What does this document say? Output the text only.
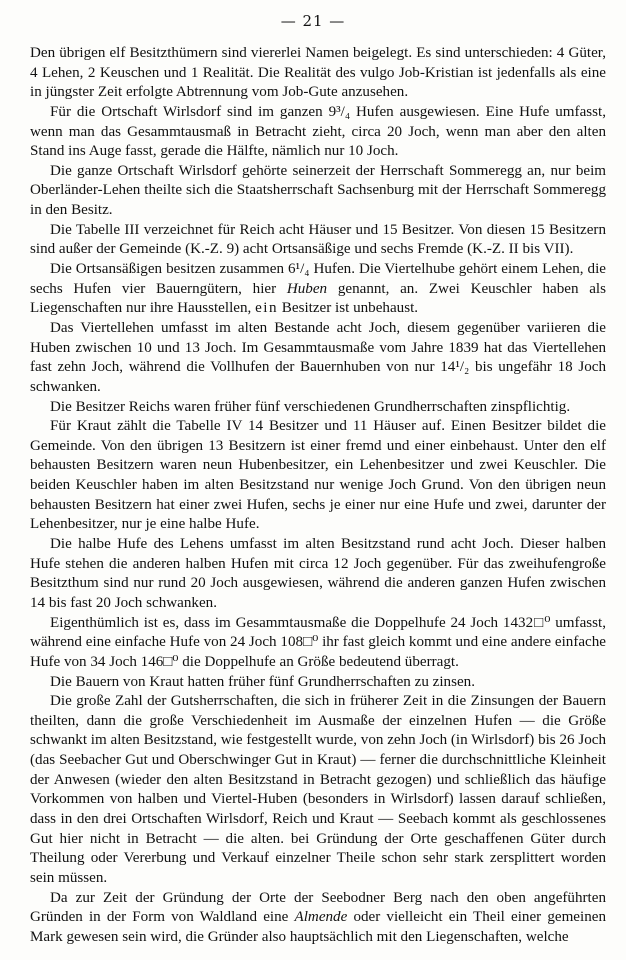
— 21 —

Den übrigen elf Besitzthümern sind viererlei Namen beigelegt. Es sind unterschieden: 4 Güter, 4 Lehen, 2 Keuschen und 1 Realität. Die Realität des vulgo Job-Kristian ist jedenfalls als eine in jüngster Zeit erfolgte Abtrennung vom Job-Gute anzusehen.

Für die Ortschaft Wirlsdorf sind im ganzen 9³/₄ Hufen ausgewiesen. Eine Hufe umfasst, wenn man das Gesammtausmaß in Betracht zieht, circa 20 Joch, wenn man aber den alten Stand ins Auge fasst, gerade die Hälfte, nämlich nur 10 Joch.

Die ganze Ortschaft Wirlsdorf gehörte seinerzeit der Herrschaft Sommeregg an, nur beim Oberländer-Lehen theilte sich die Staatsherrschaft Sachsenburg mit der Herrschaft Sommeregg in den Besitz.

Die Tabelle III verzeichnet für Reich acht Häuser und 15 Besitzer. Von diesen 15 Besitzern sind außer der Gemeinde (K.-Z. 9) acht Ortsansäßige und sechs Fremde (K.-Z. II bis VII).

Die Ortsansäßigen besitzen zusammen 6¹/₄ Hufen. Die Viertelhube gehört einem Lehen, die sechs Hufen vier Bauerngütern, hier Huben genannt, an. Zwei Keuschler haben als Liegenschaften nur ihre Hausstellen, ein Besitzer ist unbehaust.

Das Viertellehen umfasst im alten Bestande acht Joch, diesem gegenüber variieren die Huben zwischen 10 und 13 Joch. Im Gesammtausmaße vom Jahre 1839 hat das Viertellehen fast zehn Joch, während die Vollhufen der Bauernhuben von nur 14¹/₂ bis ungefähr 18 Joch schwanken.

Die Besitzer Reichs waren früher fünf verschiedenen Grundherrschaften zinspflichtig.

Für Kraut zählt die Tabelle IV 14 Besitzer und 11 Häuser auf. Einen Besitzer bildet die Gemeinde. Von den übrigen 13 Besitzern ist einer fremd und einer einbehaust. Unter den elf behausten Besitzern waren neun Hubenbesitzer, ein Lehenbesitzer und zwei Keuschler. Die beiden Keuschler haben im alten Besitzstand nur wenige Joch Grund. Von den übrigen neun behausten Besitzern hat einer zwei Hufen, sechs je einer nur eine Hufe und zwei, darunter der Lehenbesitzer, nur je eine halbe Hufe.

Die halbe Hufe des Lehens umfasst im alten Besitzstand rund acht Joch. Dieser halben Hufe stehen die anderen halben Hufen mit circa 12 Joch gegenüber. Für das zweihufengroße Besitzthum sind nur rund 20 Joch ausgewiesen, während die anderen ganzen Hufen zwischen 14 bis fast 20 Joch schwanken.

Eigenthümlich ist es, dass im Gesammtausmaße die Doppelhufe 24 Joch 1432□⁰ umfasst, während eine einfache Hufe von 24 Joch 108□⁰ ihr fast gleich kommt und eine andere einfache Hufe von 34 Joch 146□⁰ die Doppelhufe an Größe bedeutend überragt.

Die Bauern von Kraut hatten früher fünf Grundherrschaften zu zinsen.

Die große Zahl der Gutsherrschaften, die sich in früherer Zeit in die Zinsungen der Bauern theilten, dann die große Verschiedenheit im Ausmaße der einzelnen Hufen — die Größe schwankt im alten Besitzstand, wie festgestellt wurde, von zehn Joch (in Wirlsdorf) bis 26 Joch (das Seebacher Gut und Oberschwinger Gut in Kraut) — ferner die durchschnittliche Kleinheit der Anwesen (wieder den alten Besitzstand in Betracht gezogen) und schließlich das häufige Vorkommen von halben und Viertel-Huben (besonders in Wirlsdorf) lassen darauf schließen, dass in den drei Ortschaften Wirlsdorf, Reich und Kraut — Seebach kommt als geschlossenes Gut hier nicht in Betracht — die alten. bei Gründung der Orte geschaffenen Güter durch Theilung oder Vererbung und Verkauf einzelner Theile schon sehr stark zersplittert worden sein müssen.

Da zur Zeit der Gründung der Orte der Seebodner Berg nach den oben angeführten Gründen in der Form von Waldland eine Almende oder vielleicht ein Theil einer gemeinen Mark gewesen sein wird, die Gründer also hauptsächlich mit den Liegenschaften, welche
